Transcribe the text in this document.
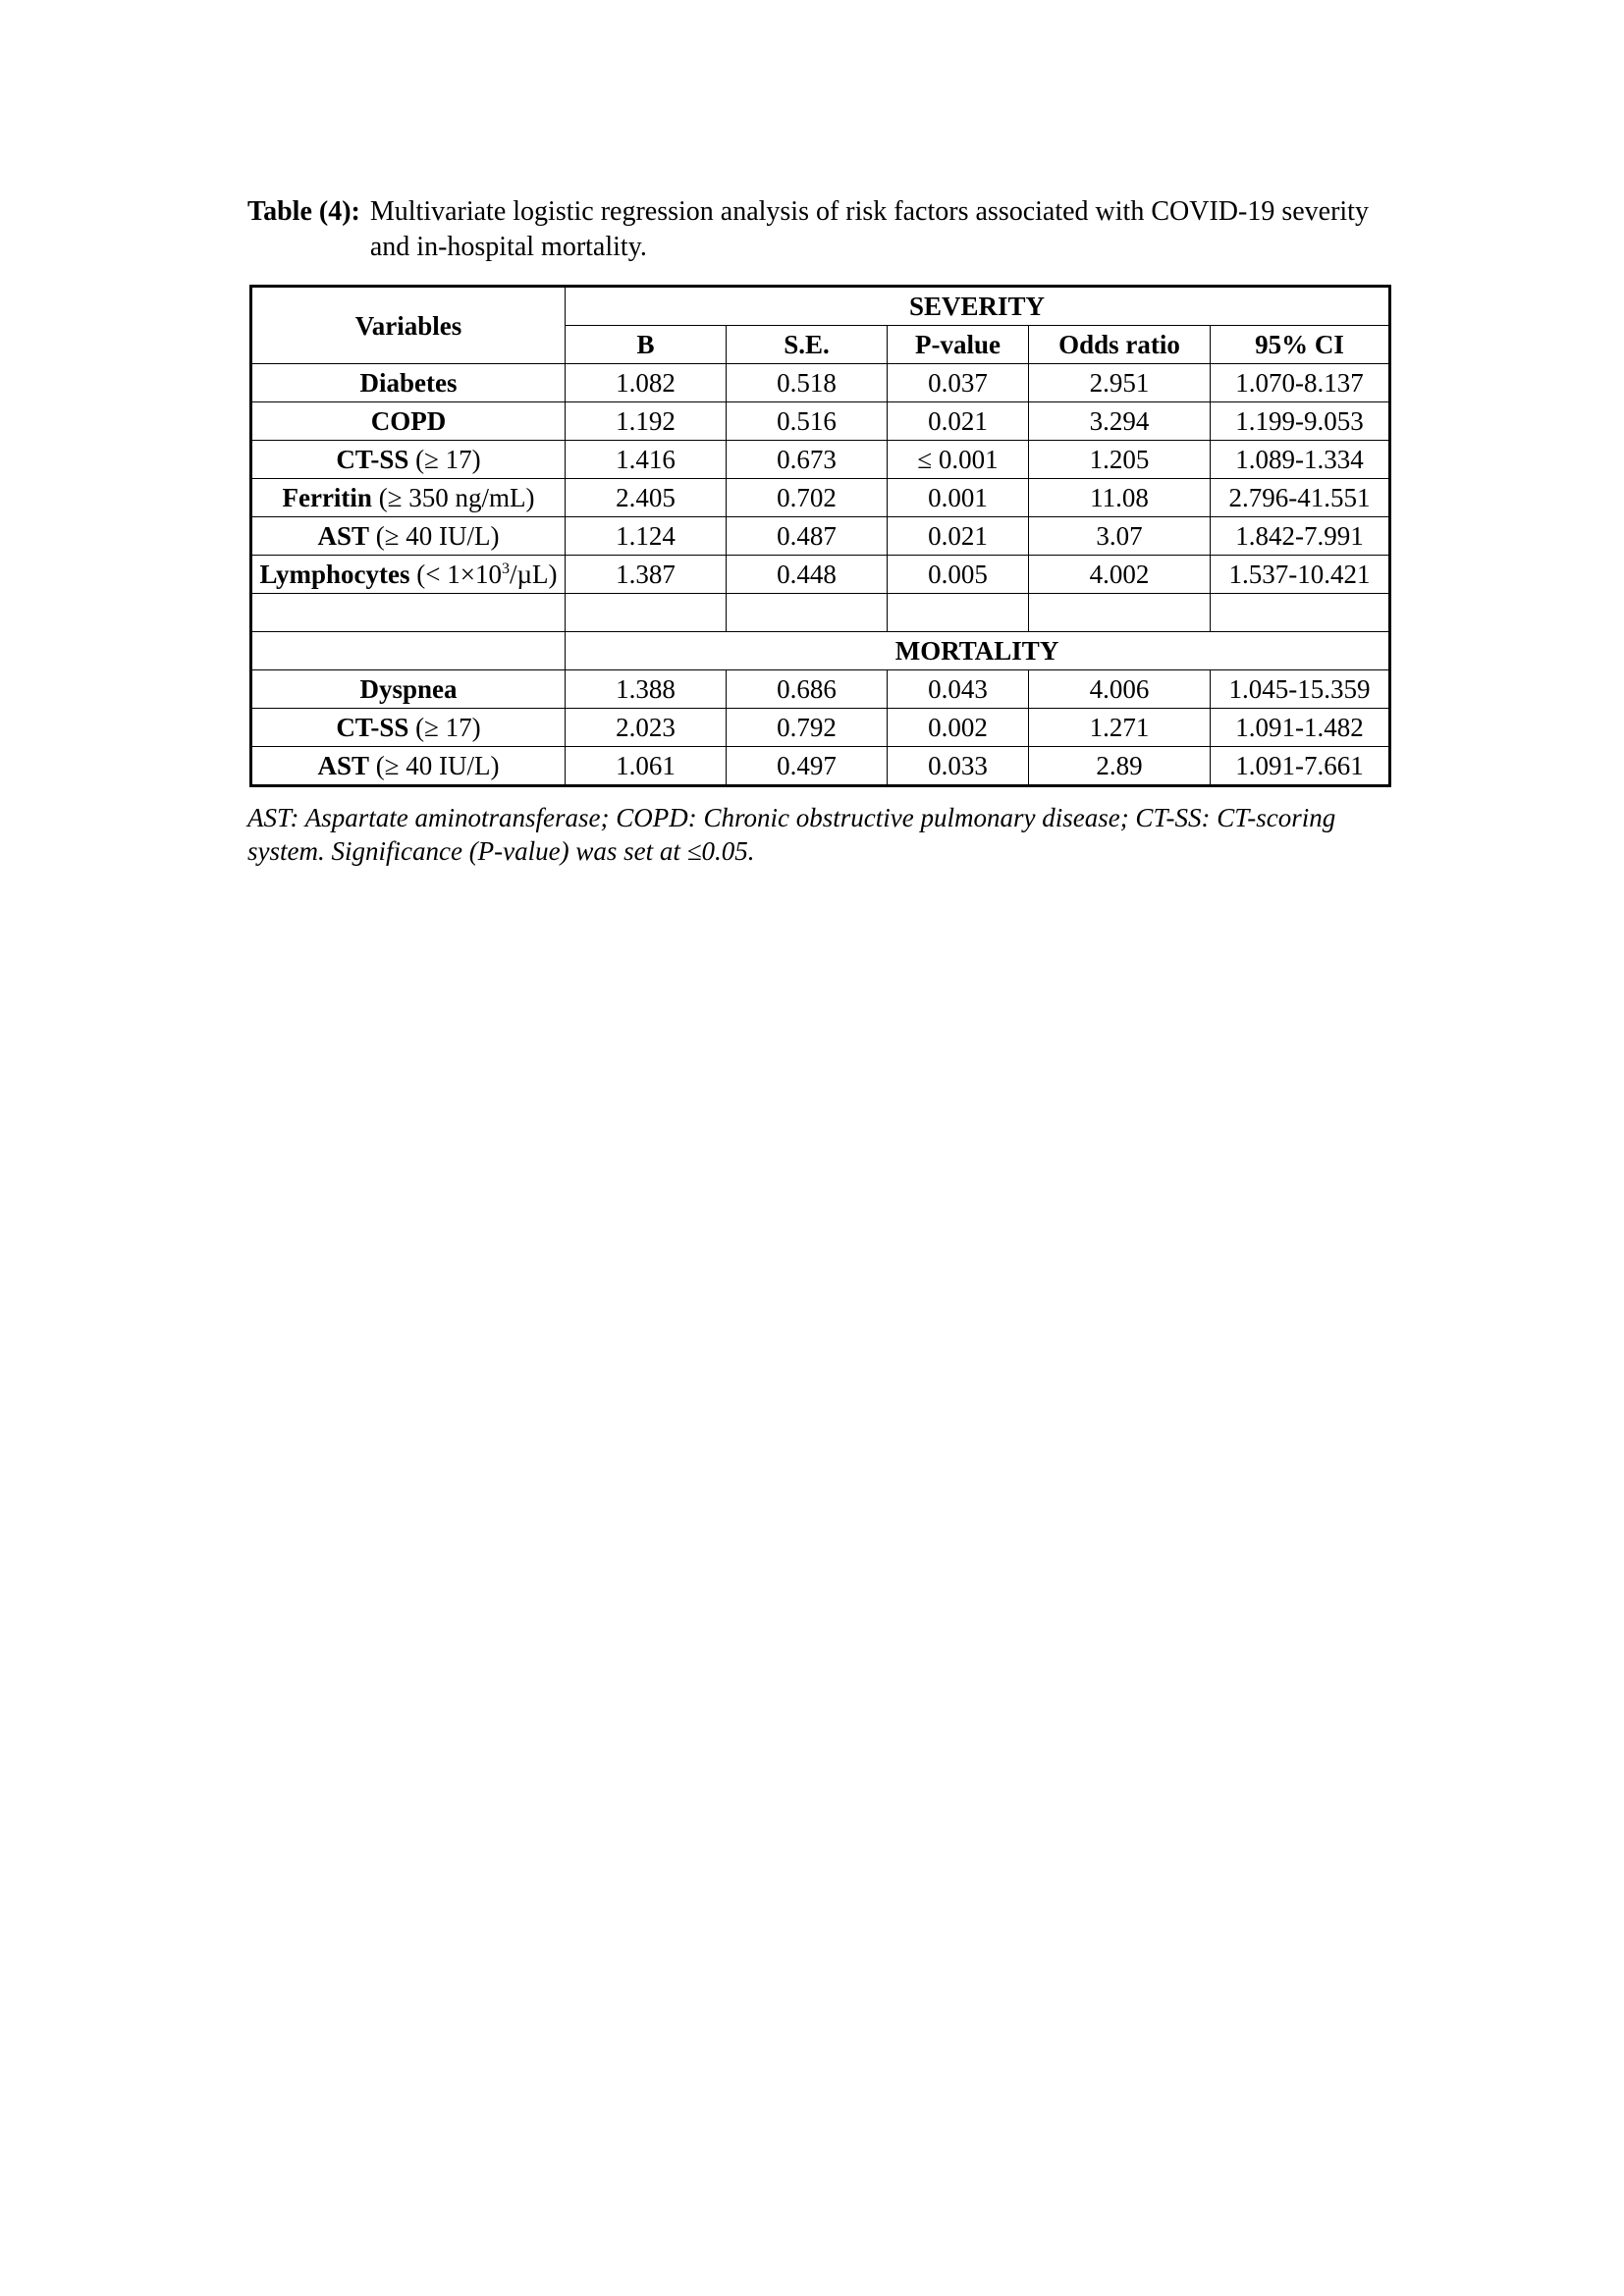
Table (4): Multivariate logistic regression analysis of risk factors associated with COVID-19 severity and in-hospital mortality.
Variables	SEVERITY				
	B	S.E.	P-value	Odds ratio	95% CI
Diabetes	1.082	0.518	0.037	2.951	1.070-8.137
COPD	1.192	0.516	0.021	3.294	1.199-9.053
CT-SS (≥ 17)	1.416	0.673	≤ 0.001	1.205	1.089-1.334
Ferritin (≥ 350 ng/mL)	2.405	0.702	0.001	11.08	2.796-41.551
AST (≥ 40 IU/L)	1.124	0.487	0.021	3.07	1.842-7.991
Lymphocytes (< $1\times 10^3/\mu L$)	1.387	0.448	0.005	4.002	1.537-10.421

	MORTALITY				
Dyspnea	1.388	0.686	0.043	4.006	1.045-15.359
CT-SS (≥ 17)	2.023	0.792	0.002	1.271	1.091-1.482
AST (≥ 40 IU/L)	1.061	0.497	0.033	2.89	1.091-7.661
AST: Aspartate aminotransferase; COPD: Chronic obstructive pulmonary disease; CT-SS: CT-scoring system. Significance (P-value) was set at ≤0.05.
